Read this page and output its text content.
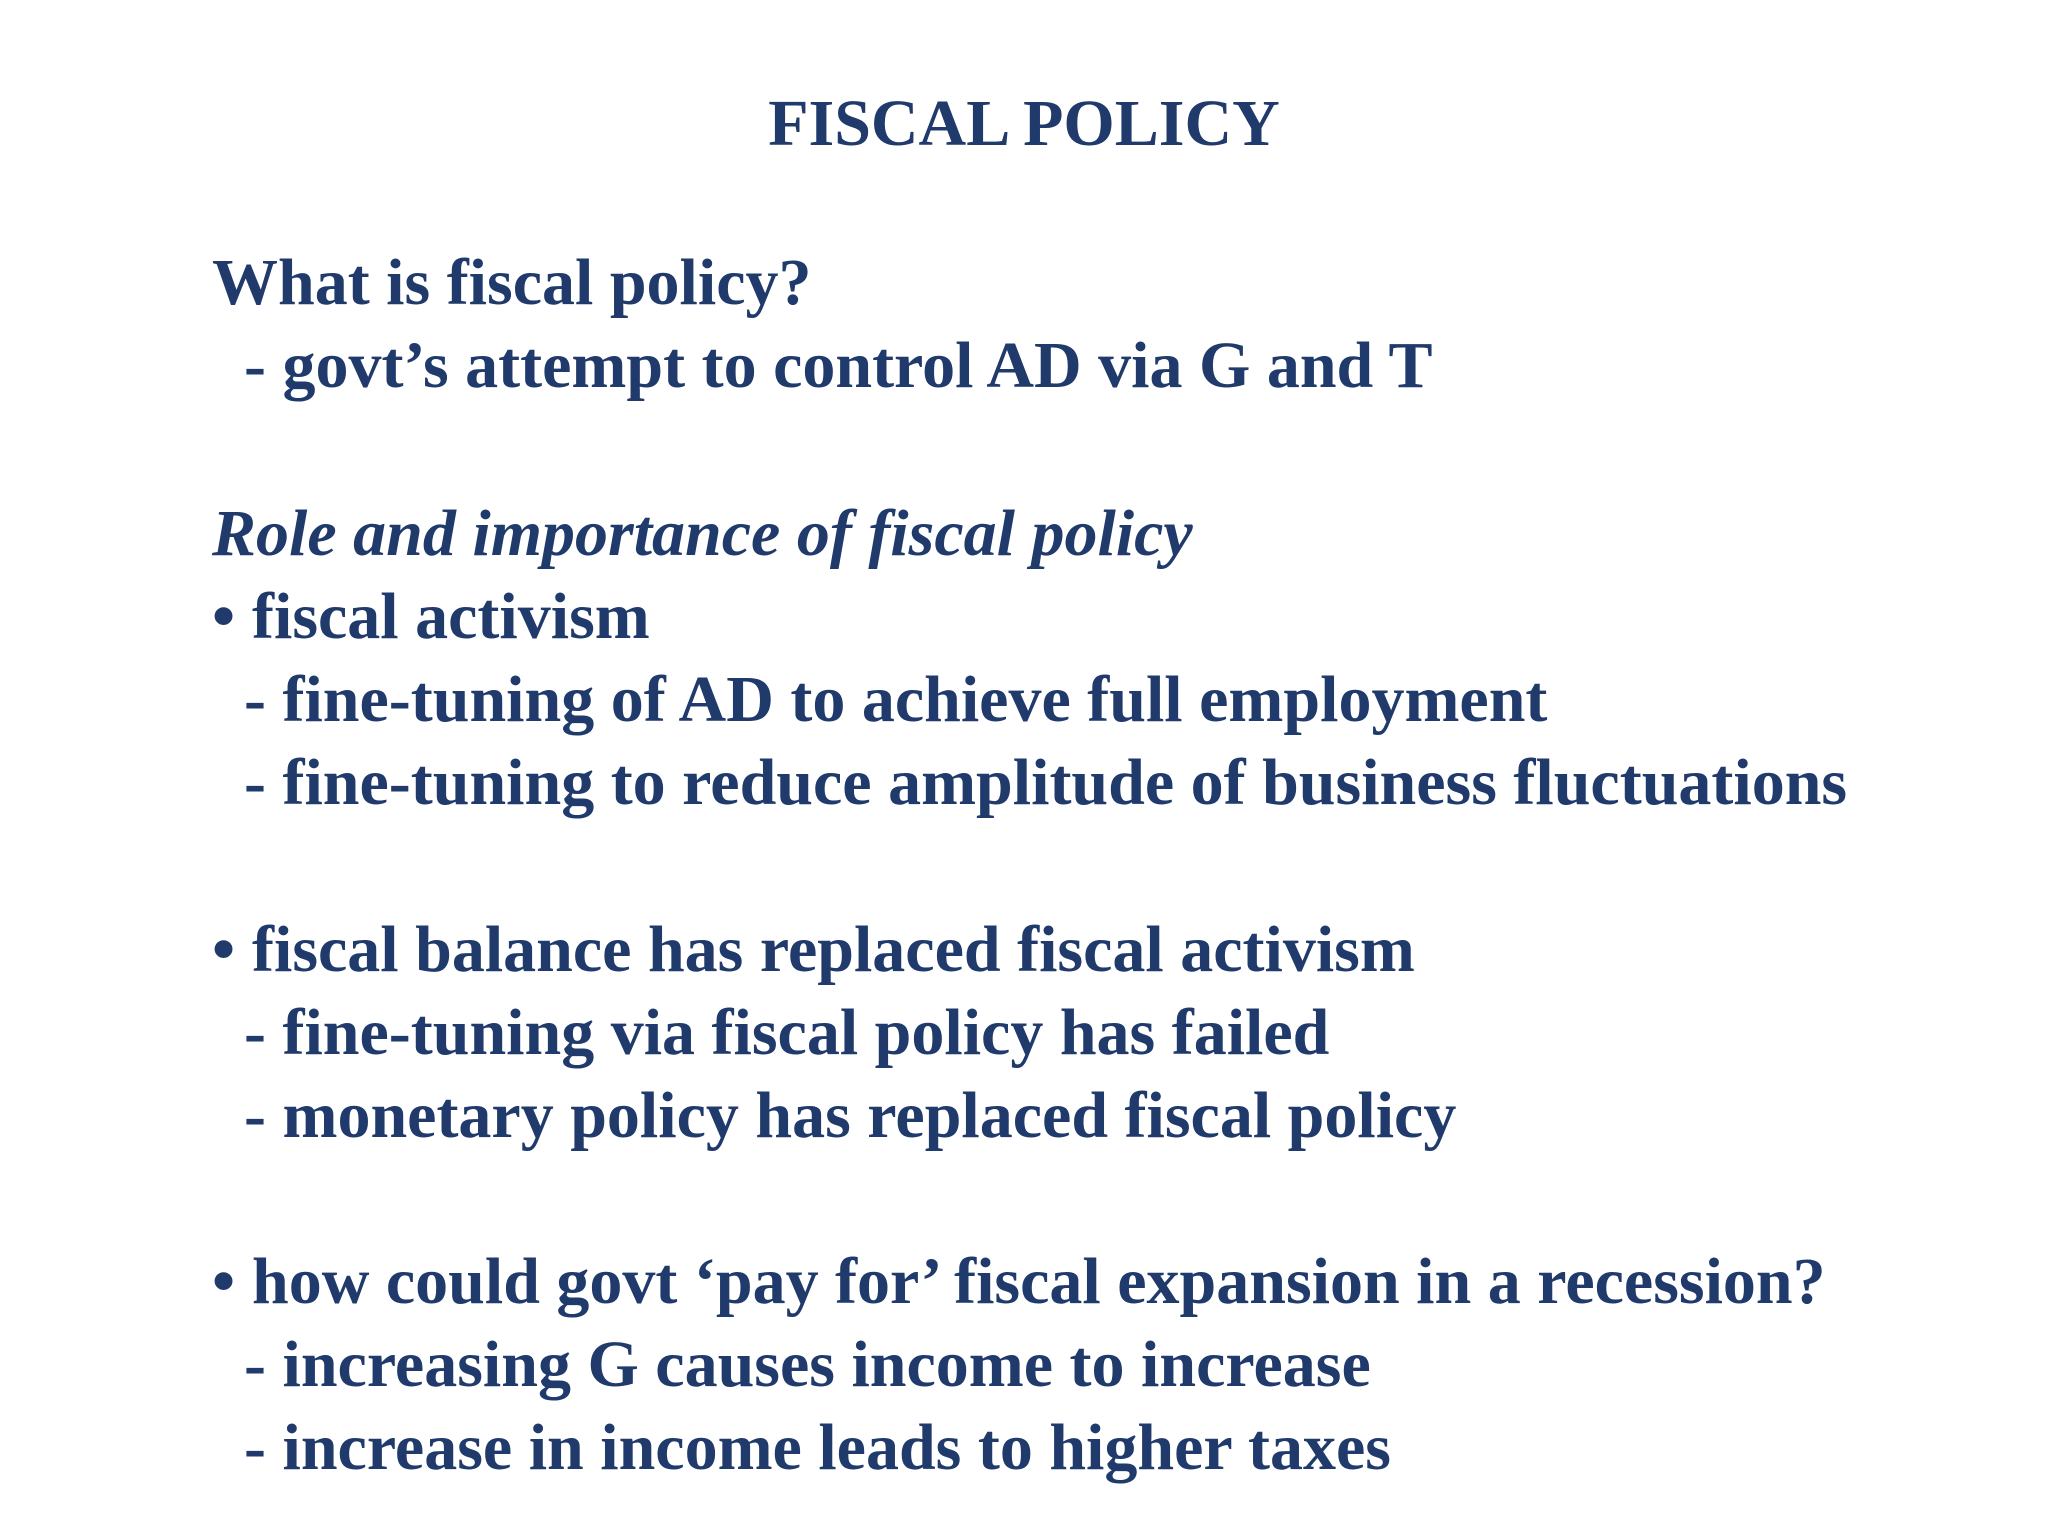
FISCAL POLICY
What is fiscal policy?
- govt’s attempt to control AD via G and T
Role and importance of fiscal policy
• fiscal activism
- fine-tuning of AD to achieve full employment
- fine-tuning to reduce amplitude of business fluctuations
• fiscal balance has replaced fiscal activism
- fine-tuning via fiscal policy has failed
- monetary policy has replaced fiscal policy
• how could govt ‘pay for’ fiscal expansion in a recession?
- increasing G causes income to increase
- increase in income leads to higher taxes
